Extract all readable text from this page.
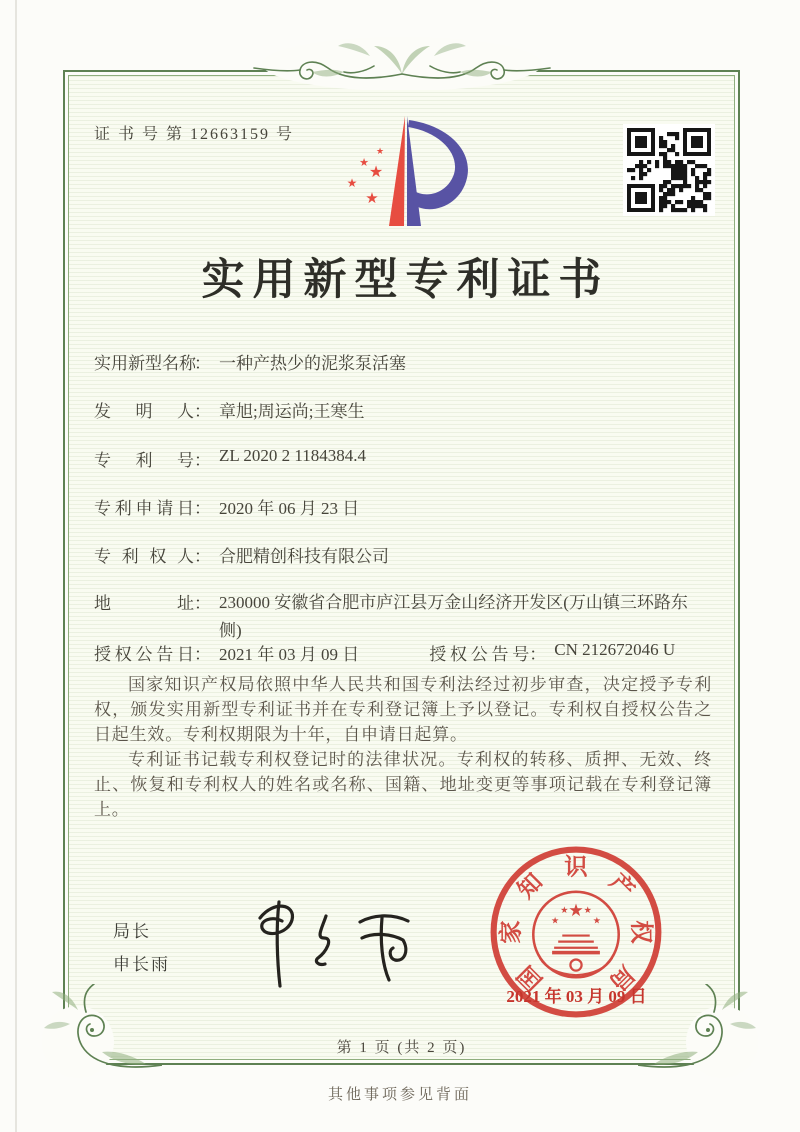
证 书 号 第 12663159 号
★
★ ★
★
★
实用新型专利证书
实用新型名称： 一种产热少的泥浆泵活塞
发明人： 章旭;周运尚;王寒生
专利号： ZL 2020 2 1184384.4
专利申请日： 2020 年 06 月 23 日
专利权人： 合肥精创科技有限公司
地址： 230000 安徽省合肥市庐江县万金山经济开发区(万山镇三环路东侧)
授权公告日： 2021 年 03 月 09 日	授权公告号： CN 212672046 U

国家知识产权局依照中华人民共和国专利法经过初步审查，决定授予专利权，颁发实用新型专利证书并在专利登记簿上予以登记。专利权自授权公告之日起生效。专利权期限为十年，自申请日起算。

专利证书记载专利权登记时的法律状况。专利权的转移、质押、无效、终止、恢复和专利权人的姓名或名称、国籍、地址变更等事项记载在专利登记簿上。

局长
申长雨	国
家
知
识
产
权
局
★
★
★ ★
★
2021 年 03 月 09 日
第 1 页 (共 2 页)
其他事项参见背面
